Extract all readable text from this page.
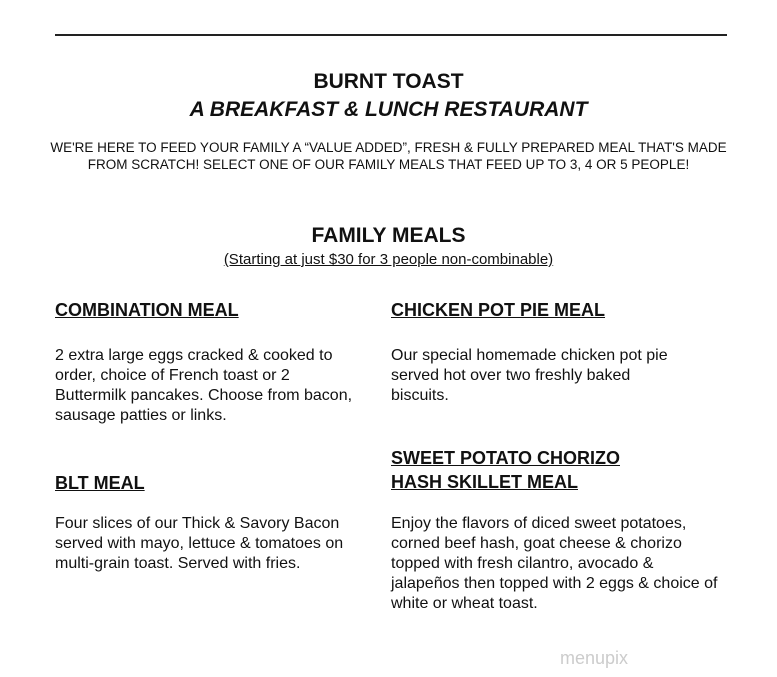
BURNT TOAST
A BREAKFAST & LUNCH RESTAURANT
WE'RE HERE TO FEED YOUR FAMILY A “VALUE ADDED”, FRESH & FULLY PREPARED MEAL THAT'S MADE FROM SCRATCH! SELECT ONE OF OUR FAMILY MEALS THAT FEED UP TO 3, 4 OR 5 PEOPLE!
FAMILY MEALS
(Starting at just $30 for 3 people non-combinable)
COMBINATION MEAL
2 extra large eggs cracked & cooked to order, choice of French toast or 2 Buttermilk pancakes. Choose from bacon, sausage patties or links.
CHICKEN POT PIE MEAL
Our special homemade chicken pot pie served hot over two freshly baked biscuits.
BLT MEAL
Four slices of our Thick & Savory Bacon served with mayo, lettuce & tomatoes on multi-grain toast. Served with fries.
SWEET POTATO CHORIZO HASH SKILLET MEAL
Enjoy the flavors of diced sweet potatoes, corned beef hash, goat cheese & chorizo topped with fresh cilantro, avocado & jalapeños then topped with 2 eggs & choice of white or wheat toast.
menupix
